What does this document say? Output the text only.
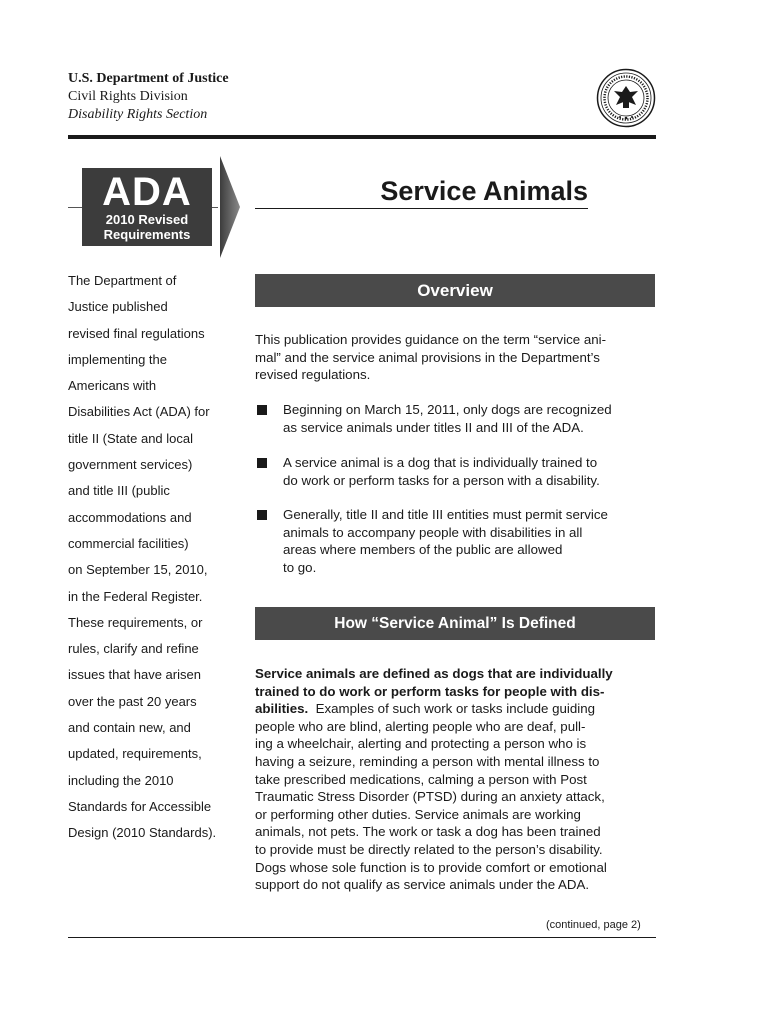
U.S. Department of Justice
Civil Rights Division
Disability Rights Section
ADA
2010 Revised
Requirements
Service Animals
The Department of
Justice published
revised final regulations
implementing the
Americans with
Disabilities Act (ADA) for
title II (State and local
government services)
and title III (public
accommodations and
commercial facilities)
on September 15, 2010,
in the Federal Register.
These requirements, or
rules, clarify and refine
issues that have arisen
over the past 20 years
and contain new, and
updated, requirements,
including the 2010
Standards for Accessible
Design (2010 Standards).
Overview
This publication provides guidance on the term “service ani-
mal” and the service animal provisions in the Department’s
revised regulations.
Beginning on March 15, 2011, only dogs are recognized
as service animals under titles II and III of the ADA.
A service animal is a dog that is individually trained to
do work or perform tasks for a person with a disability.
Generally, title II and title III entities must permit service
animals to accompany people with disabilities in all
areas where members of the public are allowed
to go.
How “Service Animal” Is Defined
Service animals are defined as dogs that are individually
trained to do work or perform tasks for people with dis-
abilities.  Examples of such work or tasks include guiding
people who are blind, alerting people who are deaf, pull-
ing a wheelchair, alerting and protecting a person who is
having a seizure, reminding a person with mental illness to
take prescribed medications, calming a person with Post
Traumatic Stress Disorder (PTSD) during an anxiety attack,
or performing other duties. Service animals are working
animals, not pets. The work or task a dog has been trained
to provide must be directly related to the person’s disability.
Dogs whose sole function is to provide comfort or emotional
support do not qualify as service animals under the ADA.
(continued, page 2)
